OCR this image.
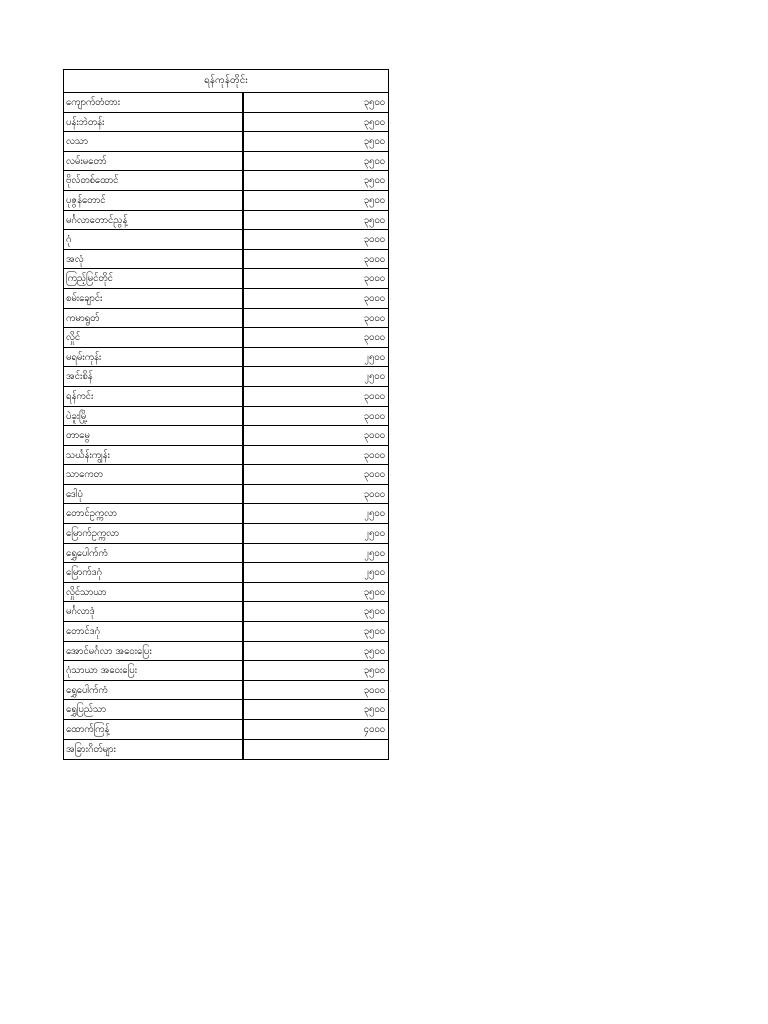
ရန်ကုန်တိုင်း
ကျောက်တံတား	၃၅၀၀
ပန်းဘဲတန်း	၃၅၀၀
လသာ	၃၅၀၀
လမ်းမတော်	၃၅၀၀
ဗိုလ်တစ်ထောင်	၃၅၀၀
ပုဇွန်တောင်	၃၅၀၀
မင်္ဂလာတောင်ညွန့်	၃၅၀၀
ဂုံ	၃၀၀၀
အလုံ	၃၀၀၀
ကြည့်မြင်တိုင်	၃၀၀၀
စမ်းချောင်း	၃၀၀၀
ကမာရွတ်	၃၀၀၀
လှိုင်	၃၀၀၀
မရမ်းကုန်း	၂၅၀၀
အင်းစိန်	၂၅၀၀
ရန်ကင်း	၃၀၀၀
ပဲခူးမြို့	၃၀၀၀
တာမွေ	၃၀၀၀
သင်္ဃန်းကျွန်း	၃၀၀၀
သာကေတ	၃၀၀၀
ဒေါပုံ	၃၀၀၀
တောင်ဥက္ကလာ	၂၅၀၀
မြောက်ဥက္ကလာ	၂၅၀၀
ရွှေပေါက်ကံ	၂၅၀၀
မြောက်ဒဂုံ	၂၅၀၀
လှိုင်သာယာ	၃၅၀၀
မင်္ဂလာဒုံ	၃၅၀၀
တောင်ဒဂုံ	၃၅၀၀
အောင်မင်္ဂလာ အဝေးပြေး	၃၅၀၀
ဂုံသာယာ အဝေးပြေး	၃၅၀၀
ရွှေပေါက်ကံ	၃၀၀၀
ရွှေပြည်သာ	၃၅၀၀
ထောက်ကြန့်	၄၀၀၀
အခြားဂိတ်များ
